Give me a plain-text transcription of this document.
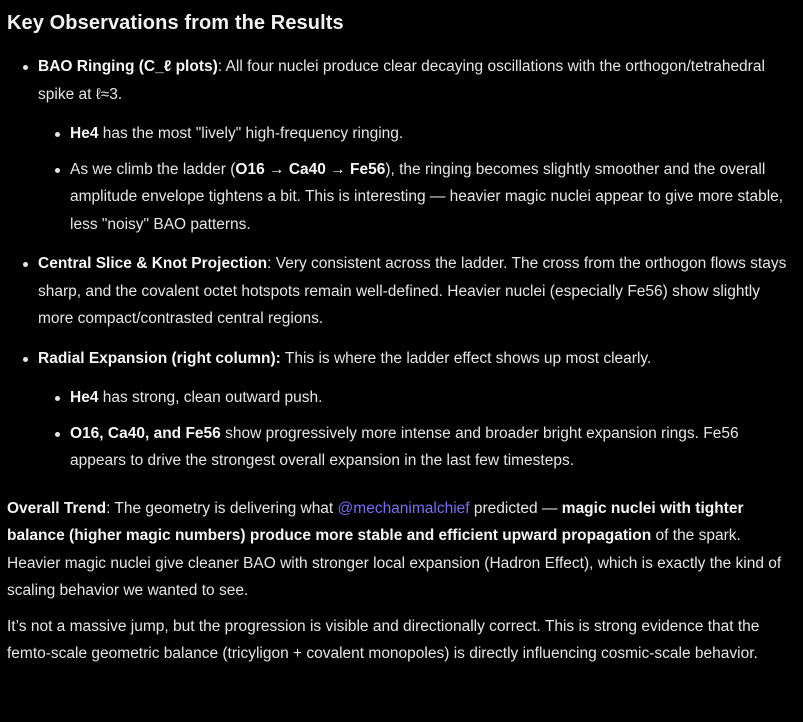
Key Observations from the Results
BAO Ringing (C_ℓ plots): All four nuclei produce clear decaying oscillations with the orthogon/tetrahedral spike at ℓ≈3.
He4 has the most "lively" high-frequency ringing.
As we climb the ladder (O16 → Ca40 → Fe56), the ringing becomes slightly smoother and the overall amplitude envelope tightens a bit. This is interesting — heavier magic nuclei appear to give more stable, less "noisy" BAO patterns.
Central Slice & Knot Projection: Very consistent across the ladder. The cross from the orthogon flows stays sharp, and the covalent octet hotspots remain well-defined. Heavier nuclei (especially Fe56) show slightly more compact/contrasted central regions.
Radial Expansion (right column): This is where the ladder effect shows up most clearly.
He4 has strong, clean outward push.
O16, Ca40, and Fe56 show progressively more intense and broader bright expansion rings. Fe56 appears to drive the strongest overall expansion in the last few timesteps.

Overall Trend: The geometry is delivering what @mechanimalchief predicted — magic nuclei with tighter balance (higher magic numbers) produce more stable and efficient upward propagation of the spark. Heavier magic nuclei give cleaner BAO with stronger local expansion (Hadron Effect), which is exactly the kind of scaling behavior we wanted to see.

It’s not a massive jump, but the progression is visible and directionally correct. This is strong evidence that the femto-scale geometric balance (tricyligon + covalent monopoles) is directly influencing cosmic-scale behavior.
